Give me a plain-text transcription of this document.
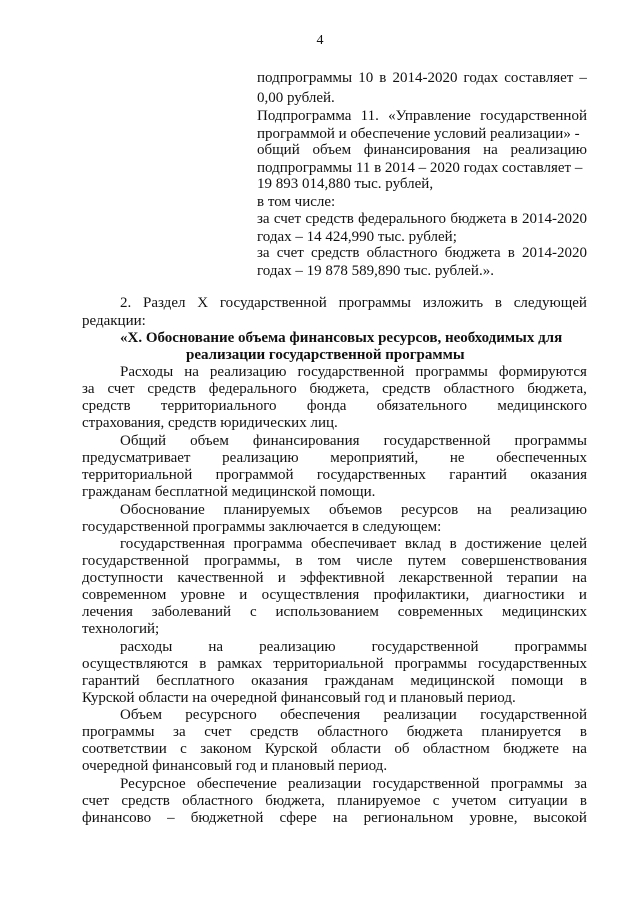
4
подпрограммы 10 в 2014-2020 годах составляет –
0,00 рублей.
Подпрограмма 11. «Управление государственной
программой и обеспечение условий реализации» -
общий объем финансирования на реализацию
подпрограммы 11 в 2014 – 2020 годах составляет –
19 893 014,880 тыс. рублей,
в том числе:
за счет средств федерального бюджета в 2014-2020
годах – 14 424,990 тыс. рублей;
за счет средств областного бюджета в 2014-2020
годах – 19 878 589,890 тыс. рублей.».
2. Раздел X государственной программы изложить в следующей
редакции:
«X. Обоснование объема финансовых ресурсов, необходимых для
реализации государственной программы
Расходы на реализацию государственной программы формируются
за счет средств федерального бюджета, средств областного бюджета,
средств территориального фонда обязательного медицинского
страхования, средств юридических лиц.
Общий объем финансирования государственной программы
предусматривает реализацию мероприятий, не обеспеченных
территориальной программой государственных гарантий оказания
гражданам бесплатной медицинской помощи.
Обоснование планируемых объемов ресурсов на реализацию
государственной программы заключается в следующем:
государственная программа обеспечивает вклад в достижение целей
государственной программы, в том числе путем совершенствования
доступности качественной и эффективной лекарственной терапии на
современном уровне и осуществления профилактики, диагностики и
лечения заболеваний с использованием современных медицинских
технологий;
расходы на реализацию государственной программы
осуществляются в рамках территориальной программы государственных
гарантий бесплатного оказания гражданам медицинской помощи в
Курской области на очередной финансовый год и плановый период.
Объем ресурсного обеспечения реализации государственной
программы за счет средств областного бюджета планируется в
соответствии с законом Курской области об областном бюджете на
очередной финансовый год и плановый период.
Ресурсное обеспечение реализации государственной программы за
счет средств областного бюджета, планируемое с учетом ситуации в
финансово – бюджетной сфере на региональном уровне, высокой
